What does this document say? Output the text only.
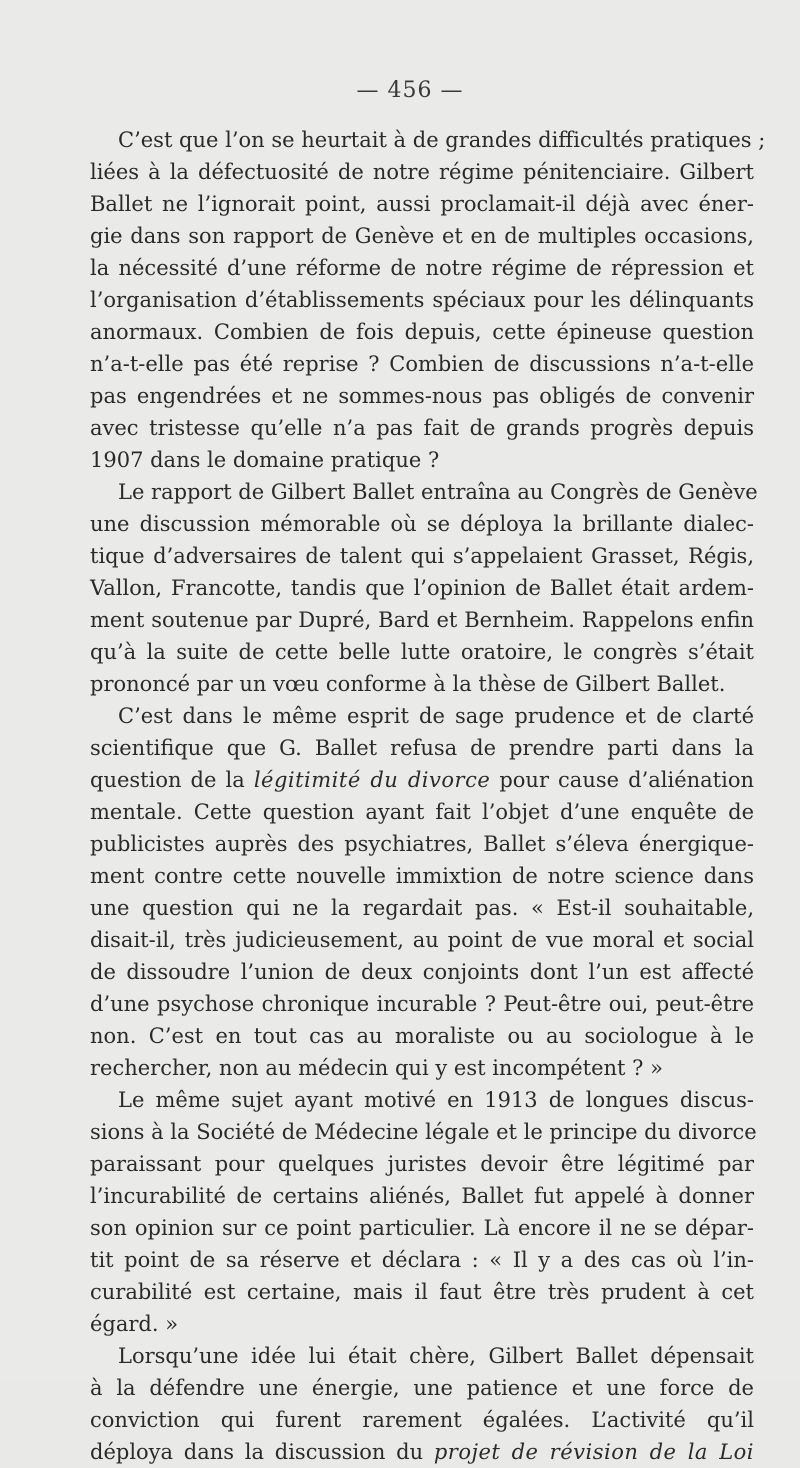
— 456 —
C’est que l’on se heurtait à de grandes difficultés pratiques ;
liées à la défectuosité de notre régime pénitenciaire. Gilbert
Ballet ne l’ignorait point, aussi proclamait-il déjà avec éner-
gie dans son rapport de Genève et en de multiples occasions,
la nécessité d’une réforme de notre régime de répression et
l’organisation d’établissements spéciaux pour les délinquants
anormaux. Combien de fois depuis, cette épineuse question
n’a-t-elle pas été reprise ? Combien de discussions n’a-t-elle
pas engendrées et ne sommes-nous pas obligés de convenir
avec tristesse qu’elle n’a pas fait de grands progrès depuis
1907 dans le domaine pratique ?
Le rapport de Gilbert Ballet entraîna au Congrès de Genève
une discussion mémorable où se déploya la brillante dialec-
tique d’adversaires de talent qui s’appelaient Grasset, Régis,
Vallon, Francotte, tandis que l’opinion de Ballet était ardem-
ment soutenue par Dupré, Bard et Bernheim. Rappelons enfin
qu’à la suite de cette belle lutte oratoire, le congrès s’était
prononcé par un vœu conforme à la thèse de Gilbert Ballet.
C’est dans le même esprit de sage prudence et de clarté
scientifique que G. Ballet refusa de prendre parti dans la
question de la légitimité du divorce pour cause d’aliénation
mentale. Cette question ayant fait l’objet d’une enquête de
publicistes auprès des psychiatres, Ballet s’éleva énergique-
ment contre cette nouvelle immixtion de notre science dans
une question qui ne la regardait pas. « Est-il souhaitable,
disait-il, très judicieusement, au point de vue moral et social
de dissoudre l’union de deux conjoints dont l’un est affecté
d’une psychose chronique incurable ? Peut-être oui, peut-être
non. C’est en tout cas au moraliste ou au sociologue à le
rechercher, non au médecin qui y est incompétent ? »
Le même sujet ayant motivé en 1913 de longues discus-
sions à la Société de Médecine légale et le principe du divorce
paraissant pour quelques juristes devoir être légitimé par
l’incurabilité de certains aliénés, Ballet fut appelé à donner
son opinion sur ce point particulier. Là encore il ne se dépar-
tit point de sa réserve et déclara : « Il y a des cas où l’in-
curabilité est certaine, mais il faut être très prudent à cet
égard. »
Lorsqu’une idée lui était chère, Gilbert Ballet dépensait
à la défendre une énergie, une patience et une force de
conviction qui furent rarement égalées. L’activité qu’il
déploya dans la discussion du projet de révision de la Loi
